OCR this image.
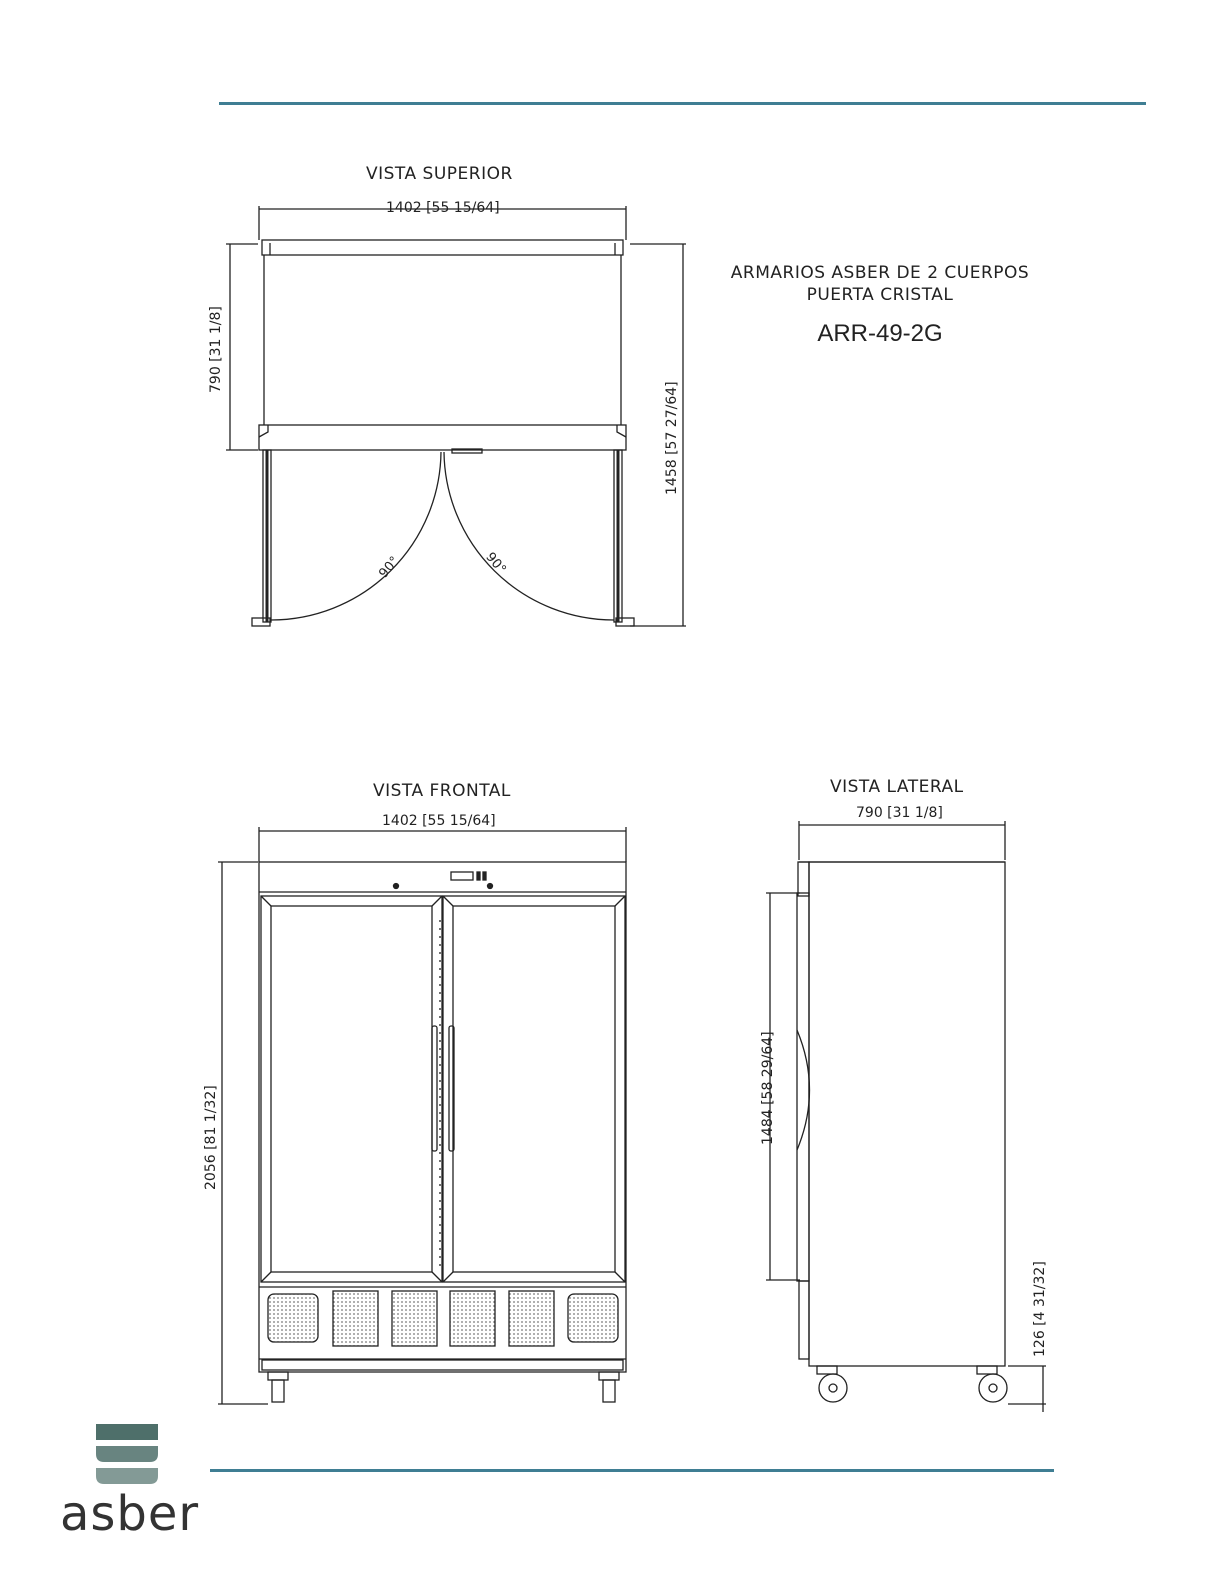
ARMARIOS ASBER DE 2 CUERPOS
PUERTA CRISTAL
ARR-49-2G
VISTA SUPERIOR
VISTA FRONTAL	VISTA LATERAL
1402 [55 15/64]
1402 [55 15/64]	790 [31 1/8]
790 [31 1/8]
1458 [57 27/64]
2056 [81 1/32]	1484 [58 29/64]
126 [4 31/32]
90°	90°
asber
